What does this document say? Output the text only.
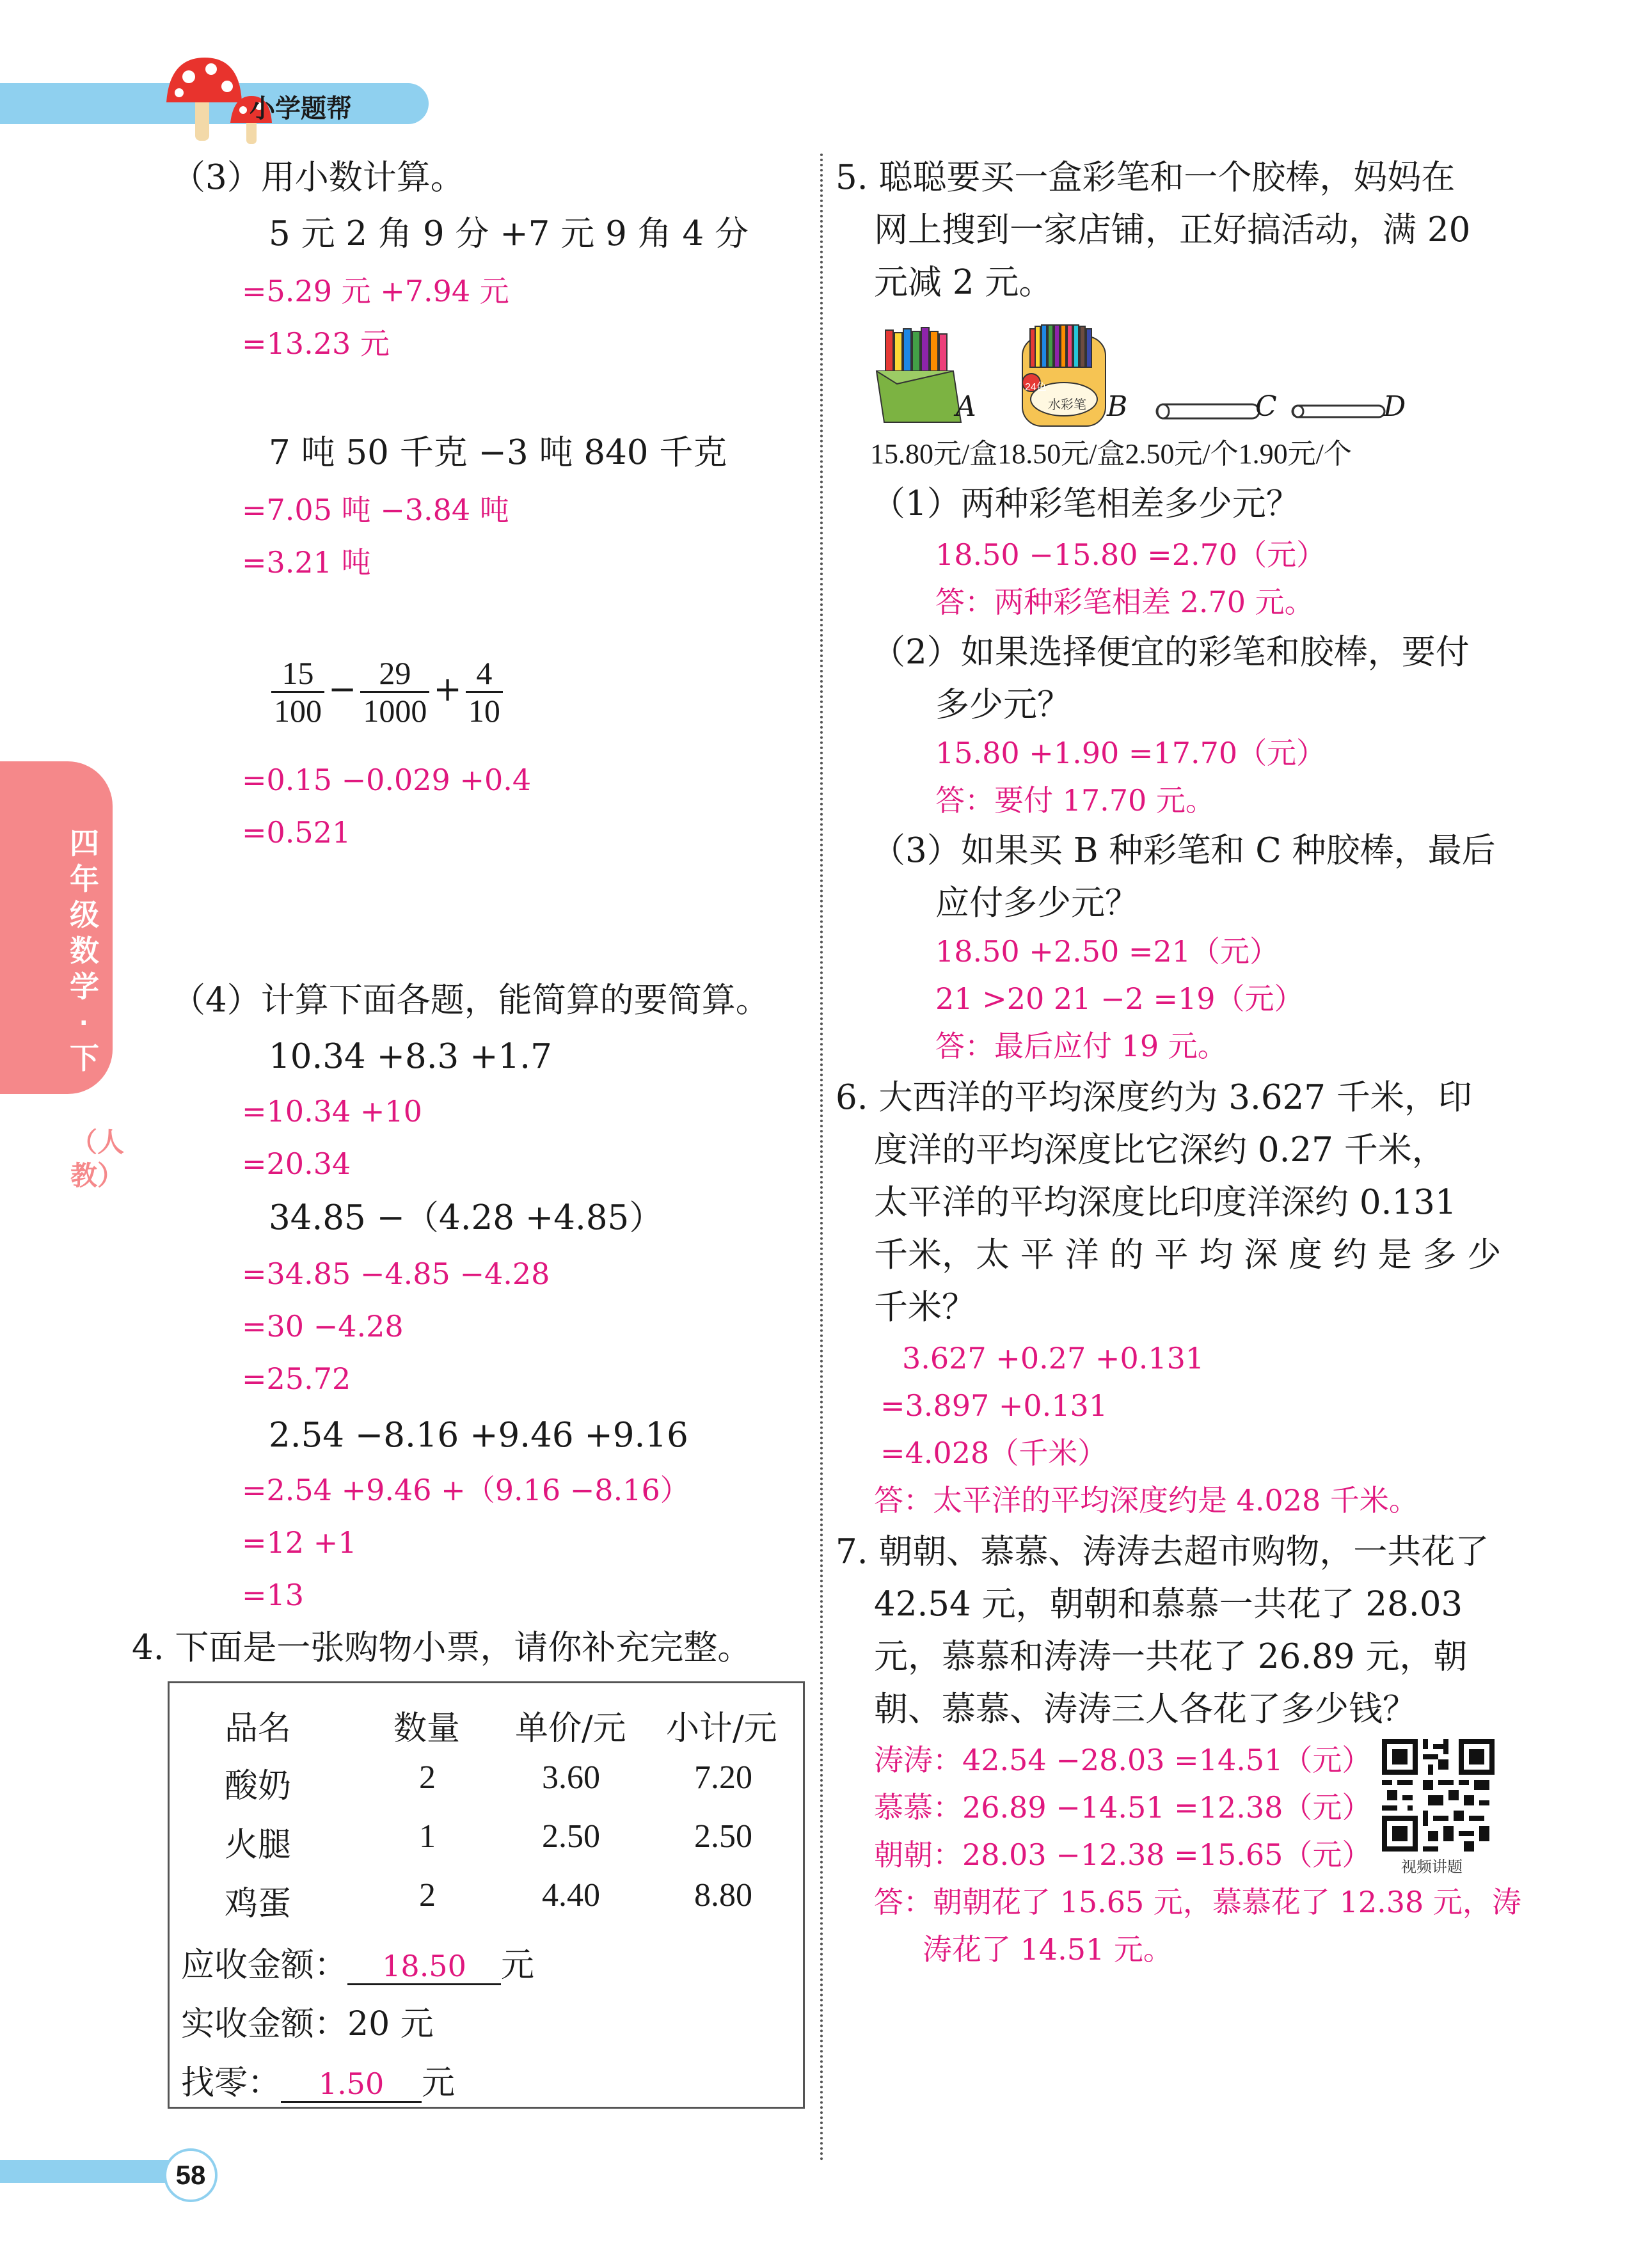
小学题帮
四年级数学·下
（人教）
（3）用小数计算。
5 元 2 角 9 分 +7 元 9 角 4 分
=5.29 元 +7.94 元
=13.23 元
7 吨 50 千克 −3 吨 840 千克
=7.05 吨 −3.84 吨
=3.21 吨
$\frac{15}{100} - \frac{29}{1000} + \frac{4}{10}$
=0.15 −0.029 +0.4
=0.521
（4）计算下面各题，能简算的要简算。
10.34 +8.3 +1.7
=10.34 +10
=20.34
34.85 −（4.28 +4.85）
=34.85 −4.85 −4.28
=30 −4.28
=25.72
2.54 −8.16 +9.46 +9.16
=2.54 +9.46 +（9.16 −8.16）
=12 +1
=13
4. 下面是一张购物小票，请你补充完整。
品名	数量 单价/元 小计/元
酸奶	2	3.60	7.20
火腿	1	2.50	2.50
鸡蛋	2	4.40	8.80
应收金额： 18.50 元
实收金额：20 元
找零： 1.50 元
5. 聪聪要买一盒彩笔和一个胶棒，妈妈在
网上搜到一家店铺，正好搞活动，满 20
元减 2 元。
A
24色
水彩笔 B	C	D
15.80元/盒18.50元/盒2.50元/个1.90元/个
（1）两种彩笔相差多少元？
18.50 −15.80 =2.70（元）
答：两种彩笔相差 2.70 元。
（2）如果选择便宜的彩笔和胶棒，要付
多少元？
15.80 +1.90 =17.70（元）
答：要付 17.70 元。
（3）如果买 B 种彩笔和 C 种胶棒，最后
应付多少元？
18.50 +2.50 =21（元）
21 >20 21 −2 =19（元）
答：最后应付 19 元。
6. 大西洋的平均深度约为 3.627 千米，印
度洋的平均深度比它深约 0.27 千米，
太平洋的平均深度比印度洋深约 0.131
千米，太 平 洋 的 平 均 深 度 约 是 多 少
千米？
3.627 +0.27 +0.131
=3.897 +0.131
=4.028（千米）
答：太平洋的平均深度约是 4.028 千米。
7. 朝朝、慕慕、涛涛去超市购物，一共花了
42.54 元，朝朝和慕慕一共花了 28.03
元，慕慕和涛涛一共花了 26.89 元，朝
朝、慕慕、涛涛三人各花了多少钱？
涛涛：42.54 −28.03 =14.51（元）
慕慕：26.89 −14.51 =12.38（元）
朝朝：28.03 −12.38 =15.65（元）
答：朝朝花了 15.65 元，慕慕花了 12.38 元，涛
涛花了 14.51 元。
视频讲题
58
